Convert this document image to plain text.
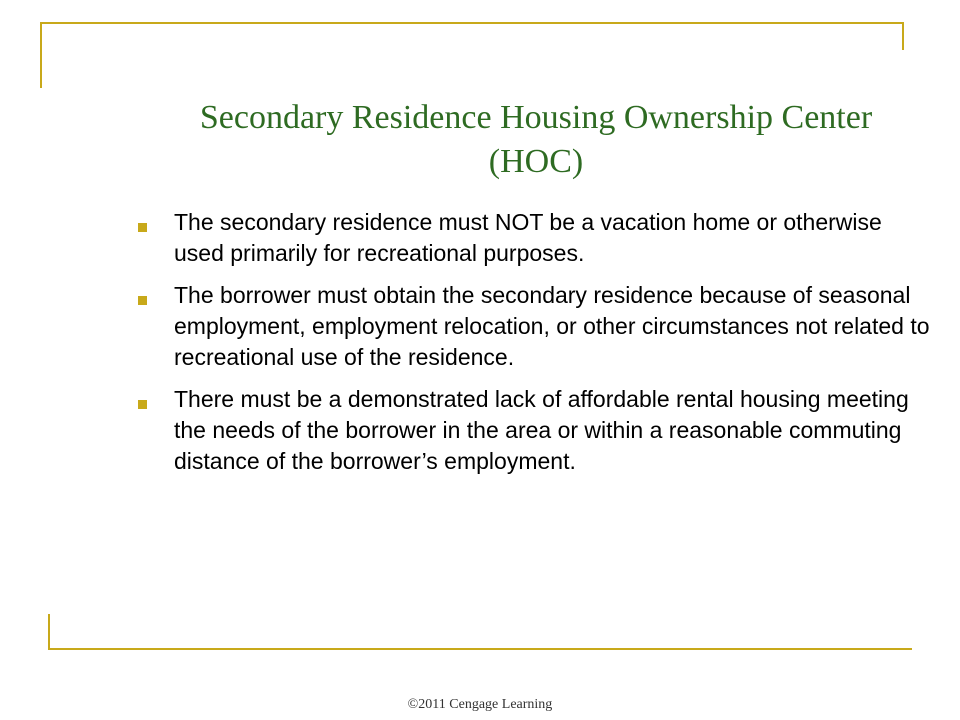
Secondary Residence Housing Ownership Center (HOC)
The secondary residence must NOT be a vacation home or otherwise used primarily for recreational purposes.
The borrower must obtain the secondary residence because of seasonal employment, employment relocation, or other circumstances not related to recreational use of the residence.
There must be a demonstrated lack of affordable rental housing meeting the needs of the borrower in the area or within a reasonable commuting distance of the borrower’s employment.
©2011 Cengage Learning
